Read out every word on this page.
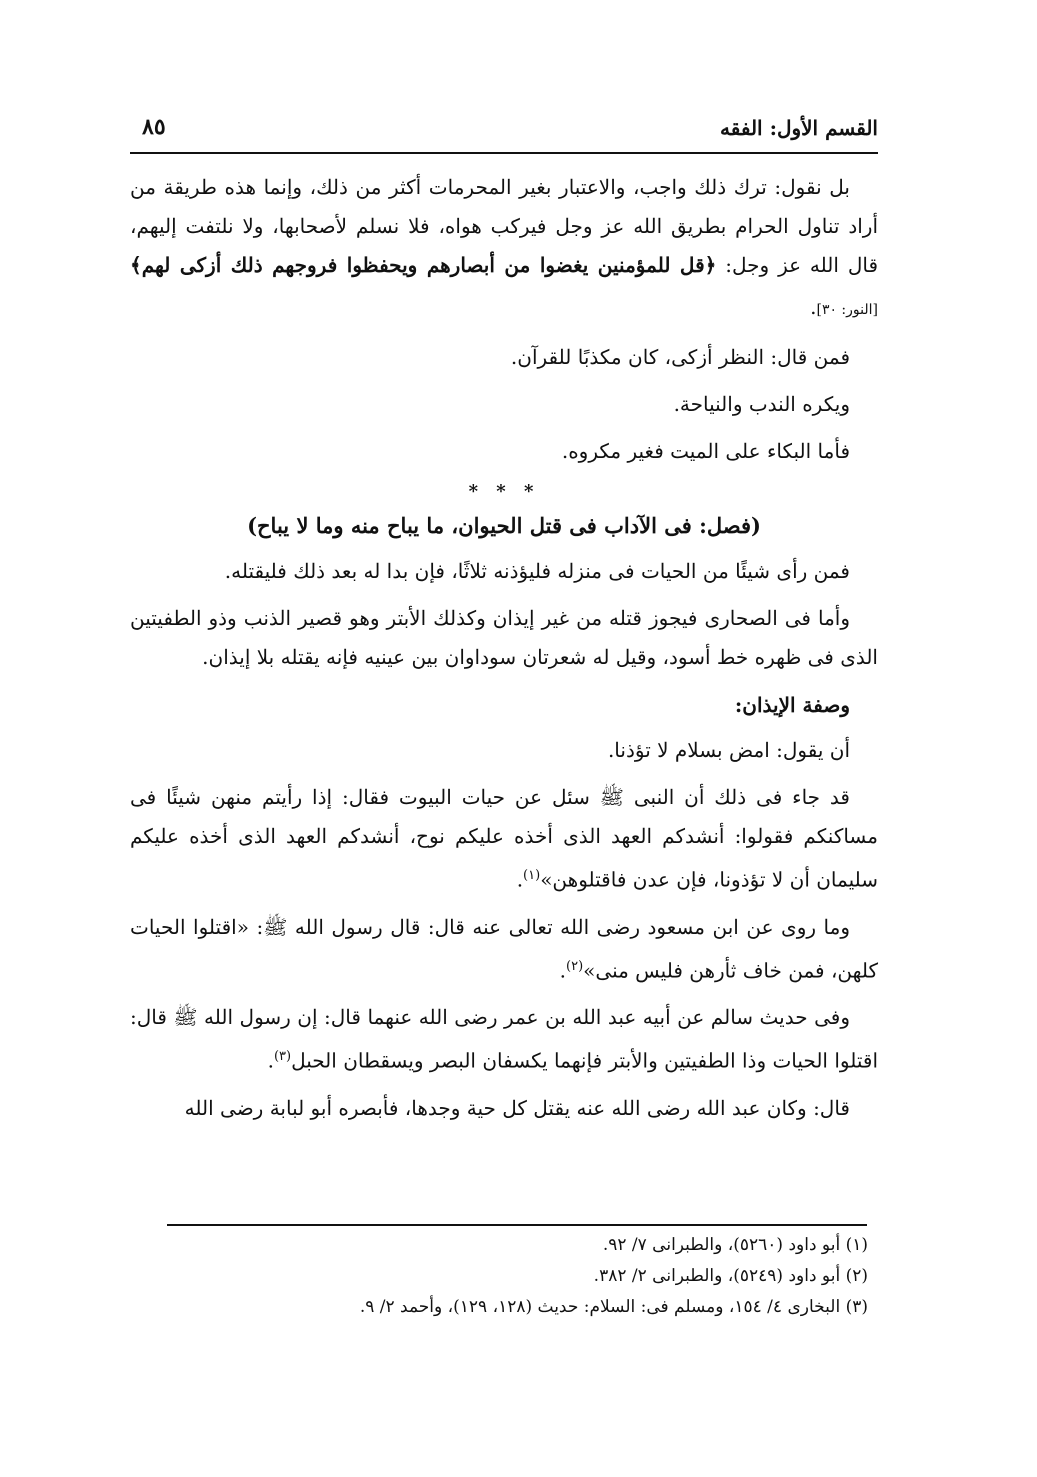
القسم الأول: الفقه
٨٥

بل نقول: ترك ذلك واجب، والاعتبار بغير المحرمات أكثر من ذلك، وإنما هذه طريقة من أراد تناول الحرام بطريق الله عز وجل فيركب هواه، فلا نسلم لأصحابها، ولا نلتفت إليهم، قال الله عز وجل: ﴿قل للمؤمنين يغضوا من أبصارهم ويحفظوا فروجهم ذلك أزكى لهم﴾ [النور: ٣٠].

فمن قال: النظر أزكى، كان مكذبًا للقرآن.

ويكره الندب والنياحة.

فأما البكاء على الميت فغير مكروه.

* * *
(فصل: فى الآداب فى قتل الحيوان، ما يباح منه وما لا يباح)

فمن رأى شيئًا من الحيات فى منزله فليؤذنه ثلاثًا، فإن بدا له بعد ذلك فليقتله.

وأما فى الصحارى فيجوز قتله من غير إيذان وكذلك الأبتر وهو قصير الذنب وذو الطفيتين الذى فى ظهره خط أسود، وقيل له شعرتان سوداوان بين عينيه فإنه يقتله بلا إيذان.

وصفة الإيذان:

أن يقول: امض بسلام لا تؤذنا.

قد جاء فى ذلك أن النبى ﷺ سئل عن حيات البيوت فقال: إذا رأيتم منهن شيئًا فى مساكنكم فقولوا: أنشدكم العهد الذى أخذه عليكم نوح، أنشدكم العهد الذى أخذه عليكم سليمان أن لا تؤذونا، فإن عدن فاقتلوهن»$^{(١)}$.

وما روى عن ابن مسعود رضى الله تعالى عنه قال: قال رسول الله ﷺ: «اقتلوا الحيات كلهن، فمن خاف ثأرهن فليس منى»$^{(٢)}$.

وفى حديث سالم عن أبيه عبد الله بن عمر رضى الله عنهما قال: إن رسول الله ﷺ قال: اقتلوا الحيات وذا الطفيتين والأبتر فإنهما يكسفان البصر ويسقطان الحبل$^{(٣)}$.

قال: وكان عبد الله رضى الله عنه يقتل كل حية وجدها، فأبصره أبو لبابة رضى الله

(١) أبو داود (٥٢٦٠)، والطبرانى ٧/ ٩٢.

(٢) أبو داود (٥٢٤٩)، والطبرانى ٢/ ٣٨٢.

(٣) البخارى ٤/ ١٥٤، ومسلم فى: السلام: حديث (١٢٨، ١٢٩)، وأحمد ٢/ ٩.
